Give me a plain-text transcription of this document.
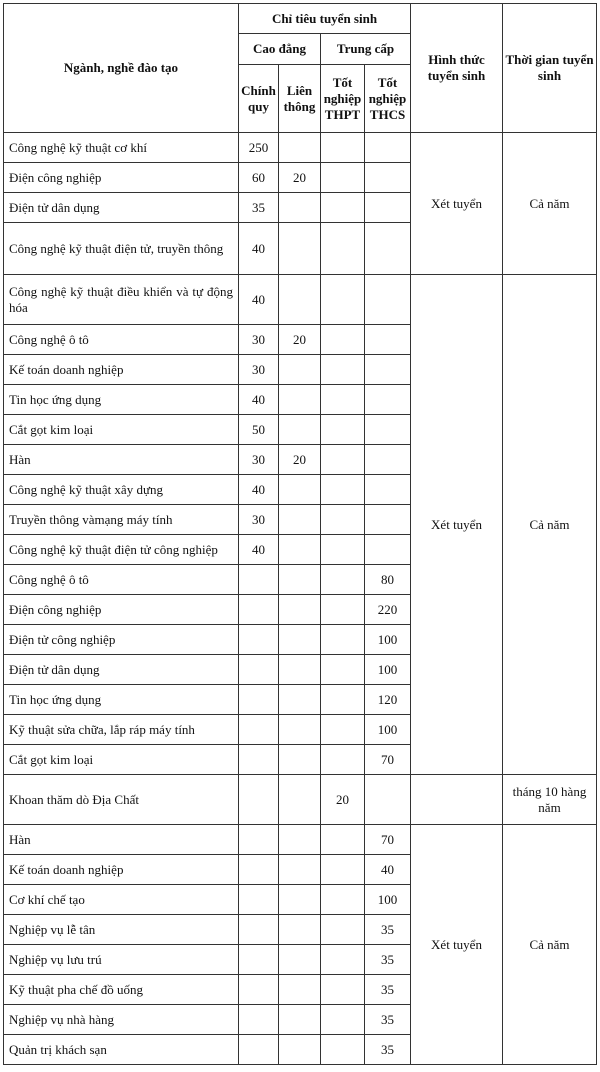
Ngành, nghề đào tạo	Chỉ tiêu tuyển sinh				Hình thức tuyển sinh	Thời gian tuyển sinh
	Cao đẳng		Trung cấp			
	Chính quy	Liên thông	Tốt nghiệp THPT	Tốt nghiệp THCS		
Công nghệ kỹ thuật cơ khí	250				Xét tuyển	Cả năm
Điện công nghiệp	60	20				
Điện tử dân dụng	35					
Công nghệ kỹ thuật điện tử, truyền thông	40					
Công nghệ kỹ thuật điều khiển và tự động hóa	40				Xét tuyển	Cả năm
Công nghệ ô tô	30	20				
Kế toán doanh nghiệp	30					
Tin học ứng dụng	40					
Cắt gọt kim loại	50					
Hàn	30	20				
Công nghệ kỹ thuật xây dựng	40					
Truyền thông vàmạng máy tính	30					
Công nghệ kỹ thuật điện tử công nghiệp	40					
Công nghệ ô tô				80		
Điện công nghiệp				220		
Điện tử công nghiệp				100		
Điện tử dân dụng				100		
Tin học ứng dụng				120		
Kỹ thuật sửa chữa, lắp ráp máy tính				100		
Cắt gọt kim loại				70		
Khoan thăm dò Địa Chất			20			tháng 10 hàng năm
Hàn				70	Xét tuyển	Cả năm
Kế toán doanh nghiệp				40		
Cơ khí chế tạo				100		
Nghiệp vụ lễ tân				35		
Nghiệp vụ lưu trú				35		
Kỹ thuật pha chế đồ uống				35		
Nghiệp vụ nhà hàng				35		
Quản trị khách sạn				35		
